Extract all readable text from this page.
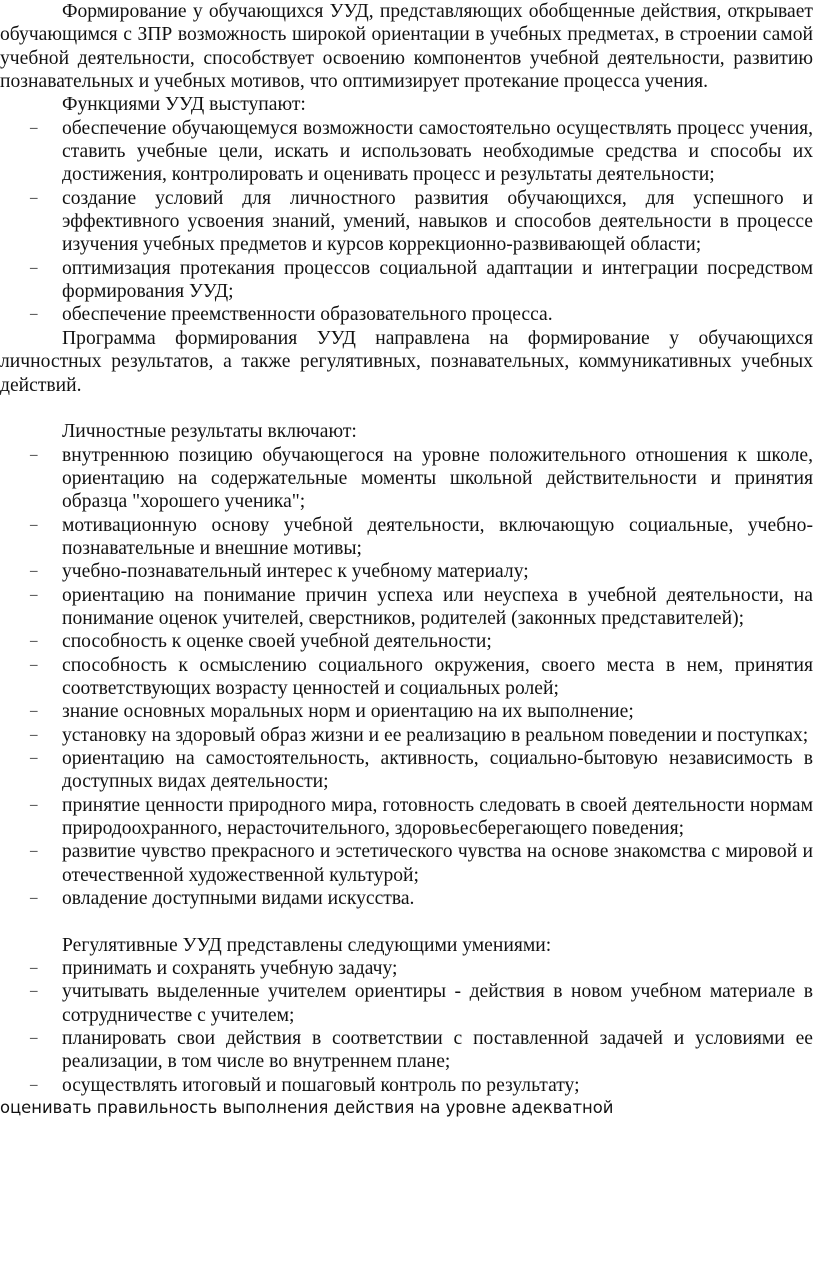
Формирование у обучающихся УУД, представляющих обобщенные действия, открывает обучающимся с ЗПР возможность широкой ориентации в учебных предметах, в строении самой учебной деятельности, способствует освоению компонентов учебной деятельности, развитию познавательных и учебных мотивов, что оптимизирует протекание процесса учения.

Функциями УУД выступают:

–	обеспечение обучающемуся возможности самостоятельно осуществлять процесс учения, ставить учебные цели, искать и использовать необходимые средства и способы их достижения, контролировать и оценивать процесс и результаты деятельности;
–	создание условий для личностного развития обучающихся, для успешного и эффективного усвоения знаний, умений, навыков и способов деятельности в процессе изучения учебных предметов и курсов коррекционно-развивающей области;
–	оптимизация протекания процессов социальной адаптации и интеграции посредством формирования УУД;
–	обеспечение преемственности образовательного процесса.

Программа формирования УУД направлена на формирование у обучающихся личностных результатов, а также регулятивных, познавательных, коммуникативных учебных действий.

Личностные результаты включают:

–	внутреннюю позицию обучающегося на уровне положительного отношения к школе, ориентацию на содержательные моменты школьной действительности и принятия образца "хорошего ученика";
–	мотивационную основу учебной деятельности, включающую социальные, учебно-познавательные и внешние мотивы;
–	учебно-познавательный интерес к учебному материалу;
–	ориентацию на понимание причин успеха или неуспеха в учебной деятельности, на понимание оценок учителей, сверстников, родителей (законных представителей);
–	способность к оценке своей учебной деятельности;
–	способность к осмыслению социального окружения, своего места в нем, принятия соответствующих возрасту ценностей и социальных ролей;
–	знание основных моральных норм и ориентацию на их выполнение;
–	установку на здоровый образ жизни и ее реализацию в реальном поведении и поступках;
–	ориентацию на самостоятельность, активность, социально-бытовую независимость в доступных видах деятельности;
–	принятие ценности природного мира, готовность следовать в своей деятельности нормам природоохранного, нерасточительного, здоровьесберегающего поведения;
–	развитие чувство прекрасного и эстетического чувства на основе знакомства с мировой и отечественной художественной культурой;
–	овладение доступными видами искусства.

Регулятивные УУД представлены следующими умениями:

–	принимать и сохранять учебную задачу;
–	учитывать выделенные учителем ориентиры - действия в новом учебном материале в сотрудничестве с учителем;
–	планировать свои действия в соответствии с поставленной задачей и условиями ее реализации, в том числе во внутреннем плане;
–	осуществлять итоговый и пошаговый контроль по результату;

оценивать правильность выполнения действия на уровне адекватной
